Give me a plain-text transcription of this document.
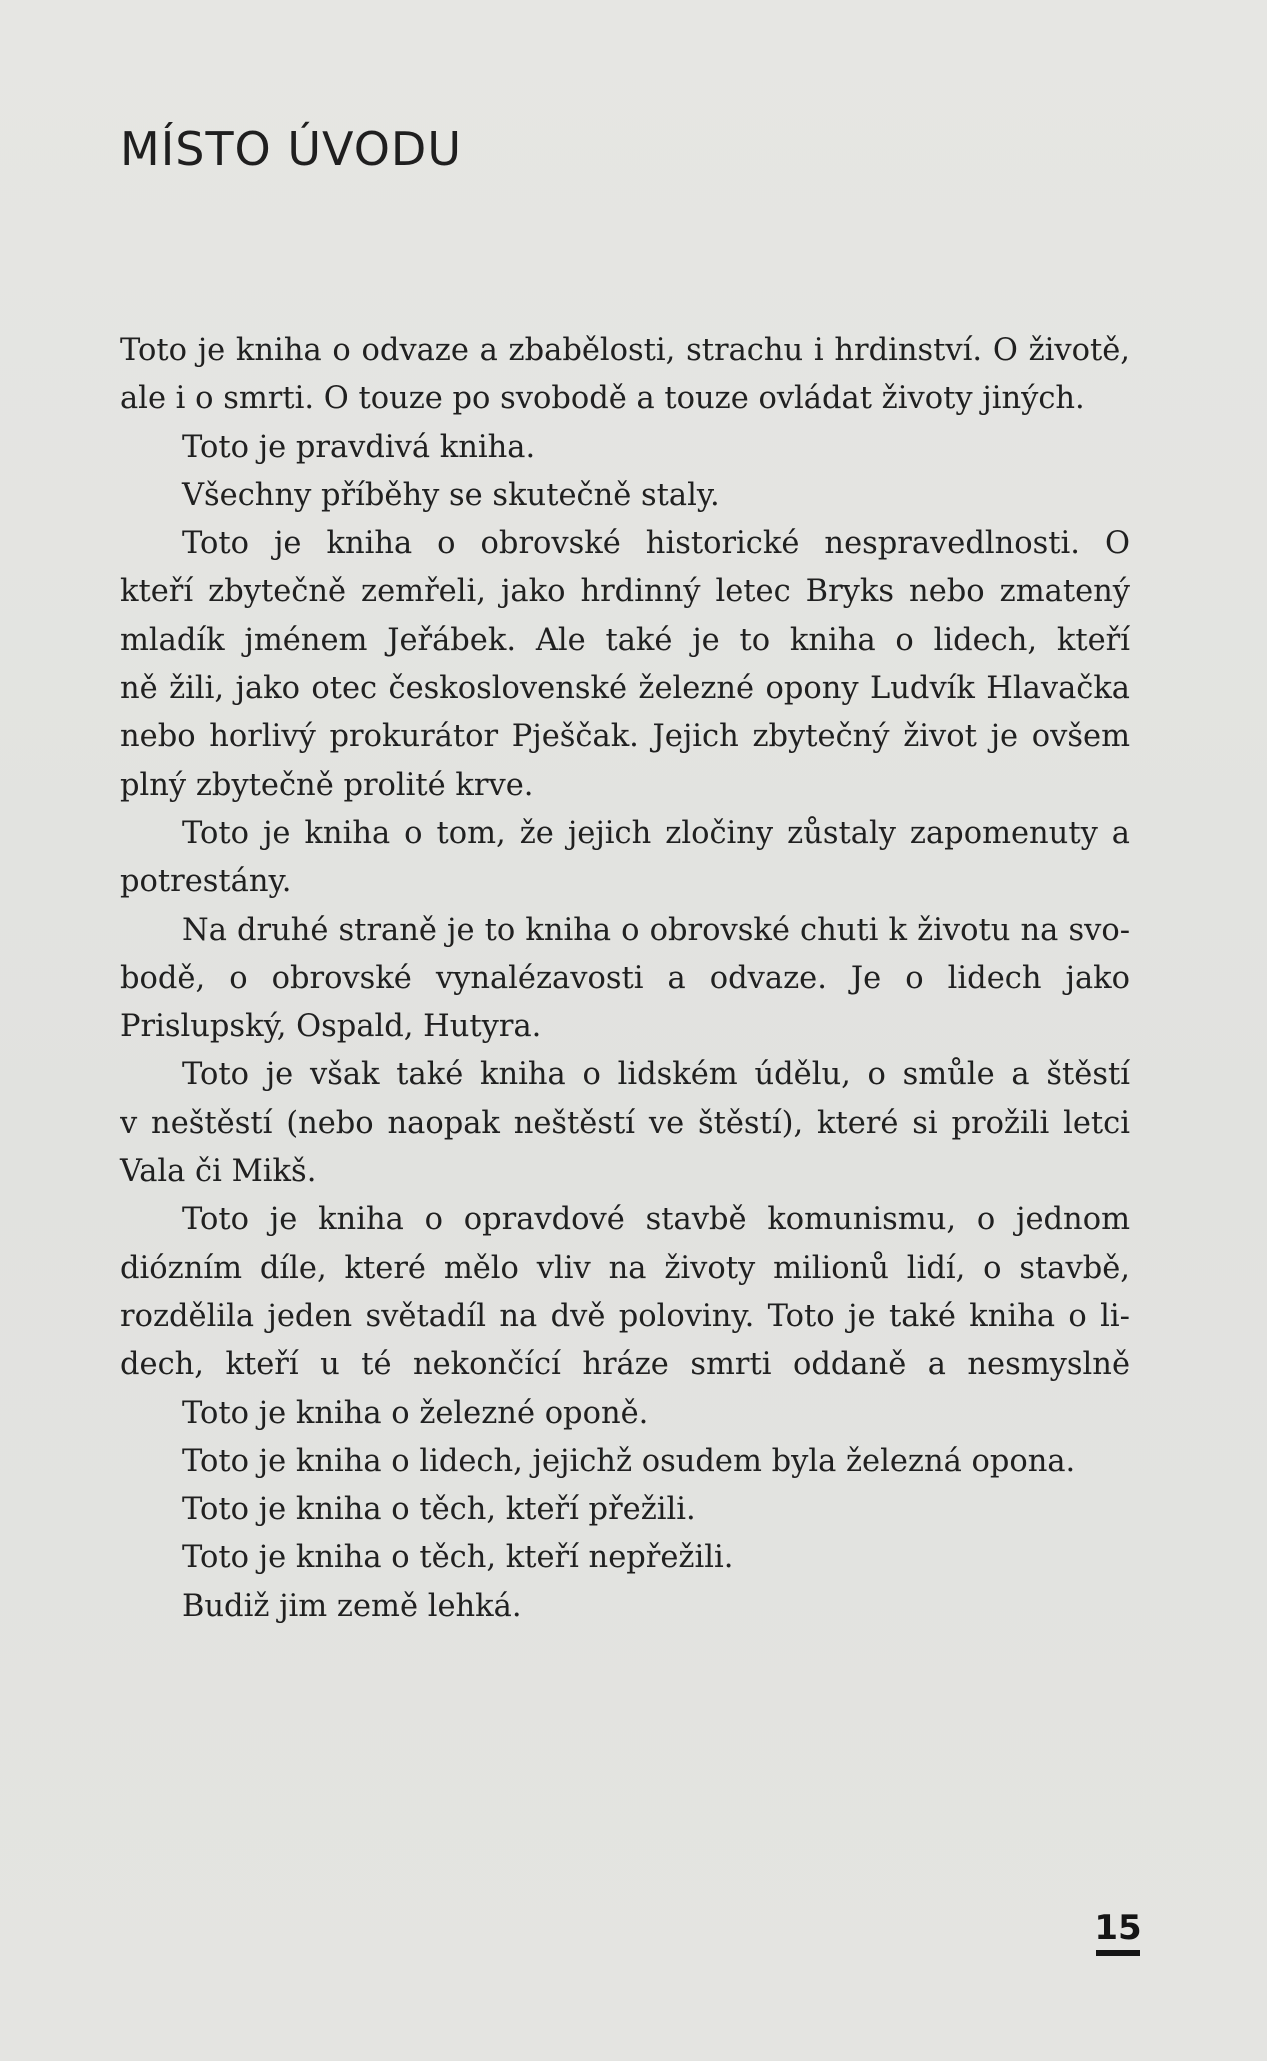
MÍSTO ÚVODU
Toto je kniha o odvaze a zbabělosti, strachu i hrdinství. O životě,
ale i o smrti. O touze po svobodě a touze ovládat životy jiných.
Toto je pravdivá kniha.
Všechny příběhy se skutečně staly.
Toto je kniha o obrovské historické nespravedlnosti. O
kteří zbytečně zemřeli, jako hrdinný letec Bryks nebo zmatený
mladík jménem Jeřábek. Ale také je to kniha o lidech, kteří
ně žili, jako otec československé železné opony Ludvík Hlavačka
nebo horlivý prokurátor Pješčak. Jejich zbytečný život je ovšem
plný zbytečně prolité krve.
Toto je kniha o tom, že jejich zločiny zůstaly zapomenuty a
potrestány.
Na druhé straně je to kniha o obrovské chuti k životu na svo-
bodě, o obrovské vynalézavosti a odvaze. Je o lidech jako
Prislupský, Ospald, Hutyra.
Toto je však také kniha o lidském údělu, o smůle a štěstí
v neštěstí (nebo naopak neštěstí ve štěstí), které si prožili letci
Vala či Mikš.
Toto je kniha o opravdové stavbě komunismu, o jednom
diózním díle, které mělo vliv na životy milionů lidí, o stavbě,
rozdělila jeden světadíl na dvě poloviny. Toto je také kniha o li-
dech, kteří u té nekončící hráze smrti oddaně a nesmyslně
Toto je kniha o železné oponě.
Toto je kniha o lidech, jejichž osudem byla železná opona.
Toto je kniha o těch, kteří přežili.
Toto je kniha o těch, kteří nepřežili.
Budiž jim země lehká.
15
